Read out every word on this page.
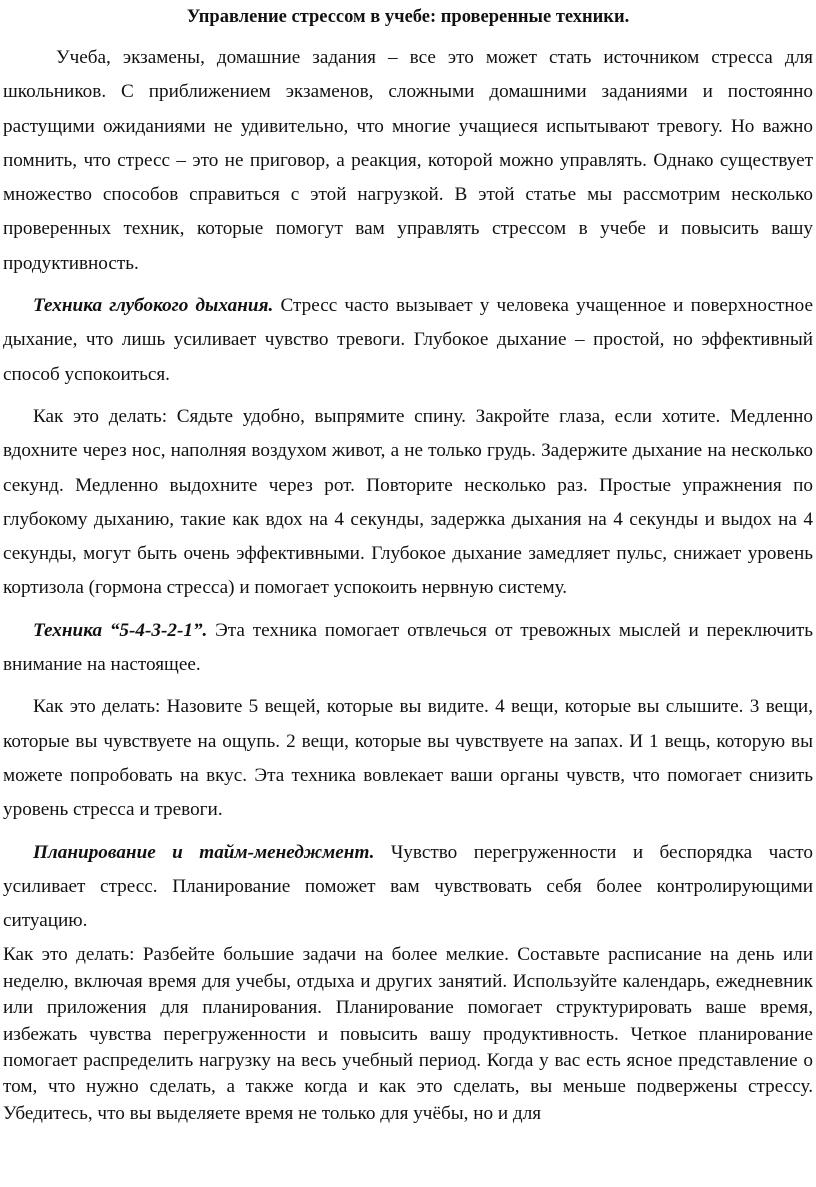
Управление стрессом в учебе: проверенные техники.

Учеба, экзамены, домашние задания – все это может стать источником стресса для школьников. С приближением экзаменов, сложными домашними заданиями и постоянно растущими ожиданиями не удивительно, что многие учащиеся испытывают тревогу. Но важно помнить, что стресс – это не приговор, а реакция, которой можно управлять. Однако существует множество способов справиться с этой нагрузкой. В этой статье мы рассмотрим несколько проверенных техник, которые помогут вам управлять стрессом в учебе и повысить вашу продуктивность.

Техника глубокого дыхания. Стресс часто вызывает у человека учащенное и поверхностное дыхание, что лишь усиливает чувство тревоги. Глубокое дыхание – простой, но эффективный способ успокоиться.

Как это делать: Сядьте удобно, выпрямите спину. Закройте глаза, если хотите. Медленно вдохните через нос, наполняя воздухом живот, а не только грудь. Задержите дыхание на несколько секунд. Медленно выдохните через рот. Повторите несколько раз. Простые упражнения по глубокому дыханию, такие как вдох на 4 секунды, задержка дыхания на 4 секунды и выдох на 4 секунды, могут быть очень эффективными. Глубокое дыхание замедляет пульс, снижает уровень кортизола (гормона стресса) и помогает успокоить нервную систему.

Техника “5-4-3-2-1”. Эта техника помогает отвлечься от тревожных мыслей и переключить внимание на настоящее.

Как это делать: Назовите 5 вещей, которые вы видите. 4 вещи, которые вы слышите. 3 вещи, которые вы чувствуете на ощупь. 2 вещи, которые вы чувствуете на запах. И 1 вещь, которую вы можете попробовать на вкус. Эта техника вовлекает ваши органы чувств, что помогает снизить уровень стресса и тревоги.

Планирование и тайм-менеджмент. Чувство перегруженности и беспорядка часто усиливает стресс. Планирование поможет вам чувствовать себя более контролирующими ситуацию.

Как это делать: Разбейте большие задачи на более мелкие. Составьте расписание на день или неделю, включая время для учебы, отдыха и других занятий. Используйте календарь, ежедневник или приложения для планирования. Планирование помогает структурировать ваше время, избежать чувства перегруженности и повысить вашу продуктивность. Четкое планирование помогает распределить нагрузку на весь учебный период. Когда у вас есть ясное представление о том, что нужно сделать, а также когда и как это сделать, вы меньше подвержены стрессу. Убедитесь, что вы выделяете время не только для учёбы, но и для
